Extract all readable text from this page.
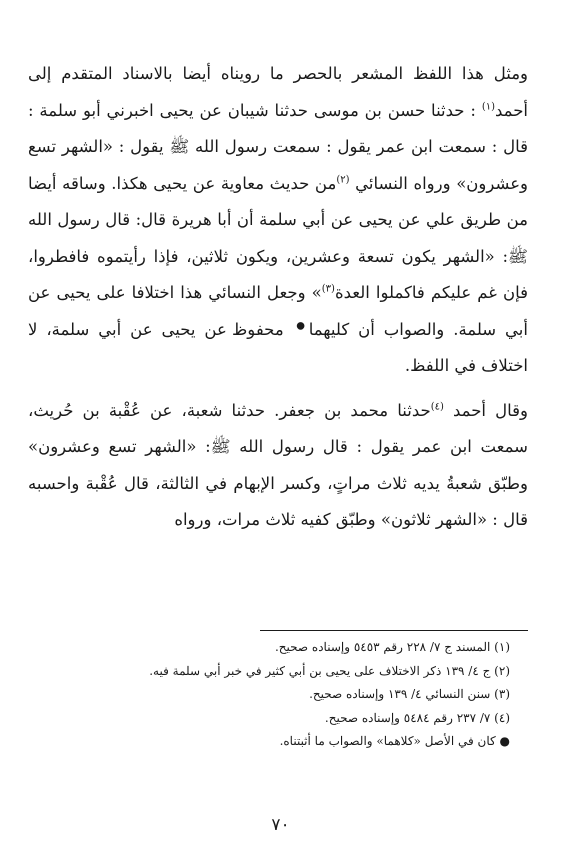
ومثل هذا اللفظ المشعر بالحصر ما رويناه أيضا بالاسناد المتقدم إلى أحمد$^{(١)}$ : حدثنا حسن بن موسى حدثنا شيبان عن يحيى اخبرني أبو سلمة : قال : سمعت ابن عمر يقول : سمعت رسول الله ﷺ يقول : «الشهر تسع وعشرون» ورواه النسائي $^{(٢)}$من حديث معاوية عن يحيى هكذا. وساقه أيضا من طريق علي عن يحيى عن أبي سلمة أن أبا هريرة قال: قال رسول الله ﷺ: «الشهر يكون تسعة وعشرين، ويكون ثلاثين، فإذا رأيتموه فافطروا، فإن غم عليكم فاكملوا العدة$^{(٣)}$» وجعل النسائي هذا اختلافا على يحيى عن أبي سلمة. والصواب أن كليهما● محفوظ عن يحيى عن أبي سلمة، لا اختلاف في اللفظ.

وقال أحمد $^{(٤)}$حدثنا محمد بن جعفر. حدثنا شعبة، عن عُقْبة بن حُريث، سمعت ابن عمر يقول : قال رسول الله ﷺ: «الشهر تسع وعشرون» وطبّق شعبةُ يديه ثلاث مراتٍ، وكسر الإبهام في الثالثة، قال عُقْبة واحسبه قال : «الشهر ثلاثون» وطبّق كفيه ثلاث مرات، ورواه

(١) المسند ج ٧/ ٢٢٨ رقم ٥٤٥٣ وإسناده صحيح.
(٢) ج ٤/ ١٣٩ ذكر الاختلاف على يحيى بن أبي كثير في خبر أبي سلمة فيه.
(٣) سنن النسائي ٤/ ١٣٩ وإسناده صحيح.
(٤) ٧/ ٢٣٧ رقم ٥٤٨٤ وإسناده صحيح.
● كان في الأصل «كلاهما» والصواب ما أثبتناه.
٧٠
